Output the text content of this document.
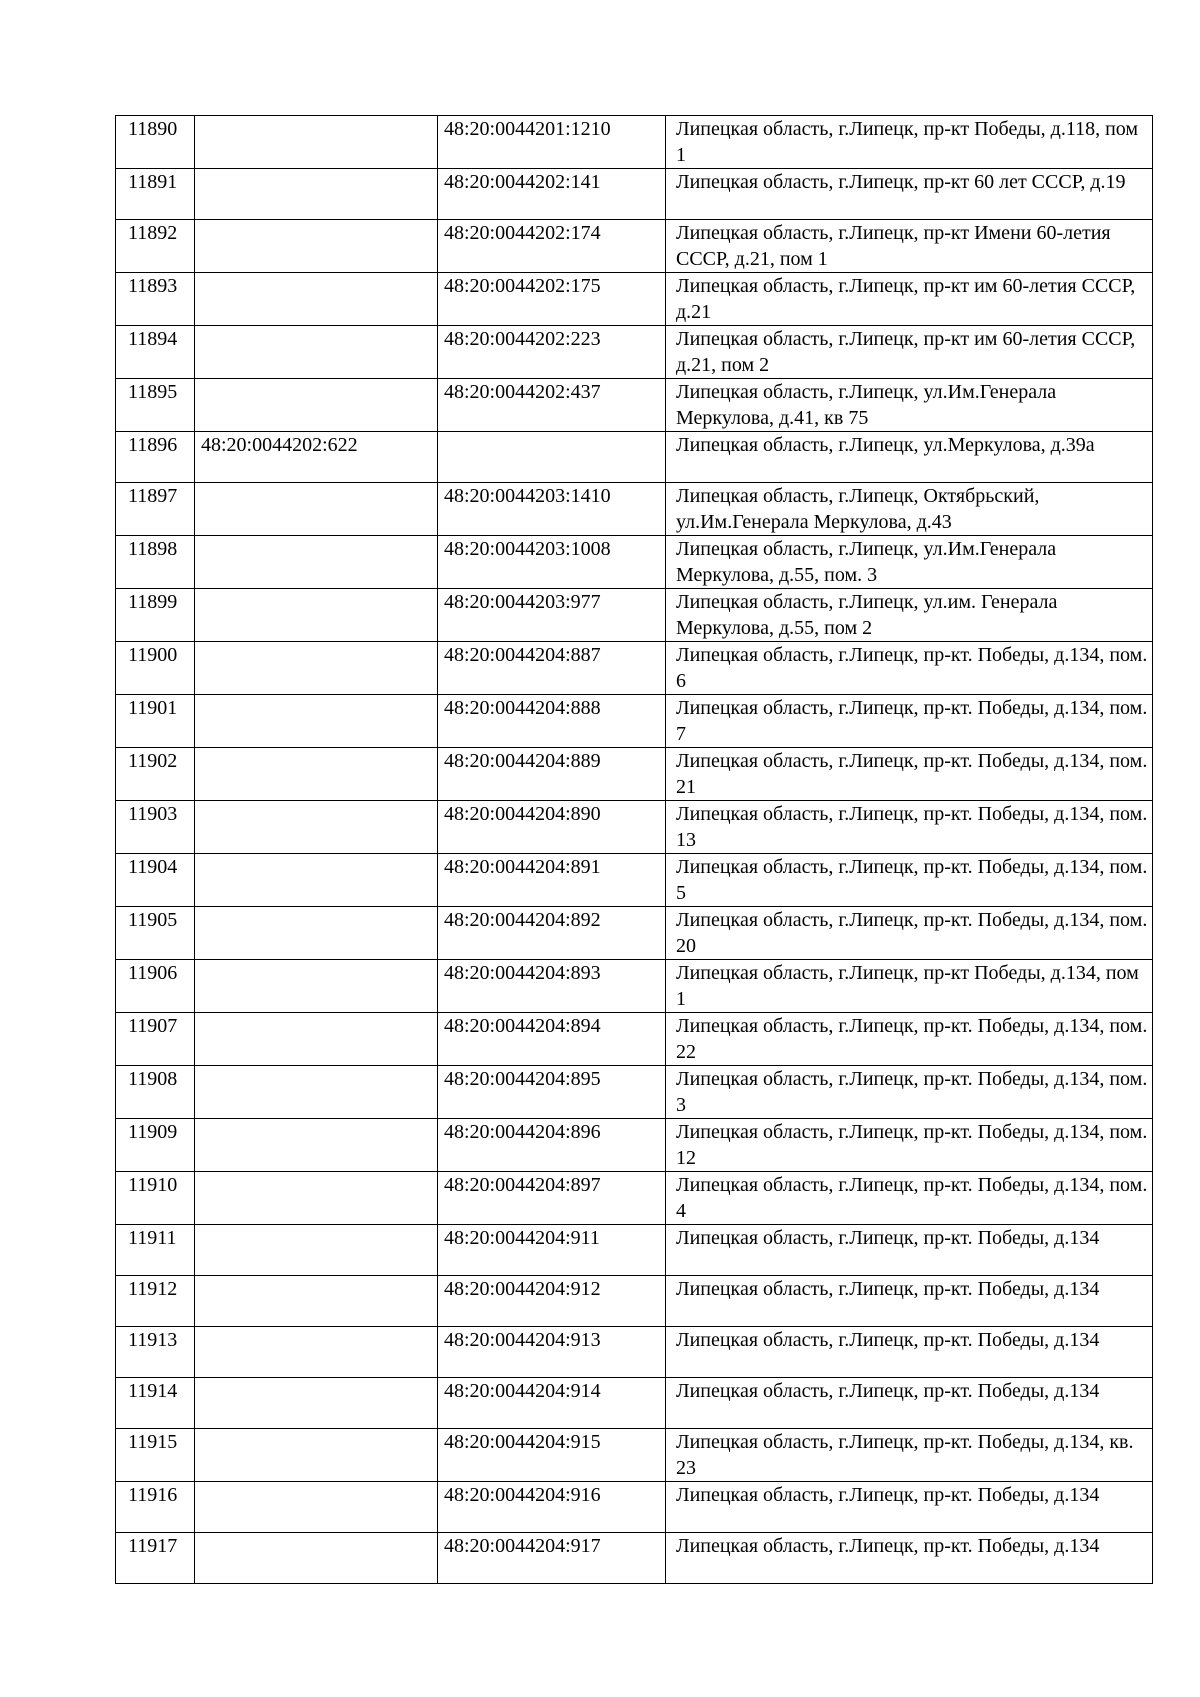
11890		48:20:0044201:1210	Липецкая область, г.Липецк, пр-кт Победы, д.118, пом 1
11891		48:20:0044202:141	Липецкая область, г.Липецк, пр-кт 60 лет СССР, д.19
11892		48:20:0044202:174	Липецкая область, г.Липецк, пр-кт Имени 60-летия СССР, д.21, пом 1
11893		48:20:0044202:175	Липецкая область, г.Липецк, пр-кт им 60-летия СССР, д.21
11894		48:20:0044202:223	Липецкая область, г.Липецк, пр-кт им 60-летия СССР, д.21, пом 2
11895		48:20:0044202:437	Липецкая область, г.Липецк, ул.Им.Генерала Меркулова, д.41, кв 75
11896	48:20:0044202:622		Липецкая область, г.Липецк, ул.Меркулова, д.39а
11897		48:20:0044203:1410	Липецкая область, г.Липецк, Октябрьский, ул.Им.Генерала Меркулова, д.43
11898		48:20:0044203:1008	Липецкая область, г.Липецк, ул.Им.Генерала Меркулова, д.55, пом. 3
11899		48:20:0044203:977	Липецкая область, г.Липецк, ул.им. Генерала Меркулова, д.55, пом 2
11900		48:20:0044204:887	Липецкая область, г.Липецк, пр-кт. Победы, д.134, пом. 6
11901		48:20:0044204:888	Липецкая область, г.Липецк, пр-кт. Победы, д.134, пом. 7
11902		48:20:0044204:889	Липецкая область, г.Липецк, пр-кт. Победы, д.134, пом. 21
11903		48:20:0044204:890	Липецкая область, г.Липецк, пр-кт. Победы, д.134, пом. 13
11904		48:20:0044204:891	Липецкая область, г.Липецк, пр-кт. Победы, д.134, пом. 5
11905		48:20:0044204:892	Липецкая область, г.Липецк, пр-кт. Победы, д.134, пом. 20
11906		48:20:0044204:893	Липецкая область, г.Липецк, пр-кт Победы, д.134, пом 1
11907		48:20:0044204:894	Липецкая область, г.Липецк, пр-кт. Победы, д.134, пом. 22
11908		48:20:0044204:895	Липецкая область, г.Липецк, пр-кт. Победы, д.134, пом. 3
11909		48:20:0044204:896	Липецкая область, г.Липецк, пр-кт. Победы, д.134, пом. 12
11910		48:20:0044204:897	Липецкая область, г.Липецк, пр-кт. Победы, д.134, пом. 4
11911		48:20:0044204:911	Липецкая область, г.Липецк, пр-кт. Победы, д.134
11912		48:20:0044204:912	Липецкая область, г.Липецк, пр-кт. Победы, д.134
11913		48:20:0044204:913	Липецкая область, г.Липецк, пр-кт. Победы, д.134
11914		48:20:0044204:914	Липецкая область, г.Липецк, пр-кт. Победы, д.134
11915		48:20:0044204:915	Липецкая область, г.Липецк, пр-кт. Победы, д.134, кв. 23
11916		48:20:0044204:916	Липецкая область, г.Липецк, пр-кт. Победы, д.134
11917		48:20:0044204:917	Липецкая область, г.Липецк, пр-кт. Победы, д.134
